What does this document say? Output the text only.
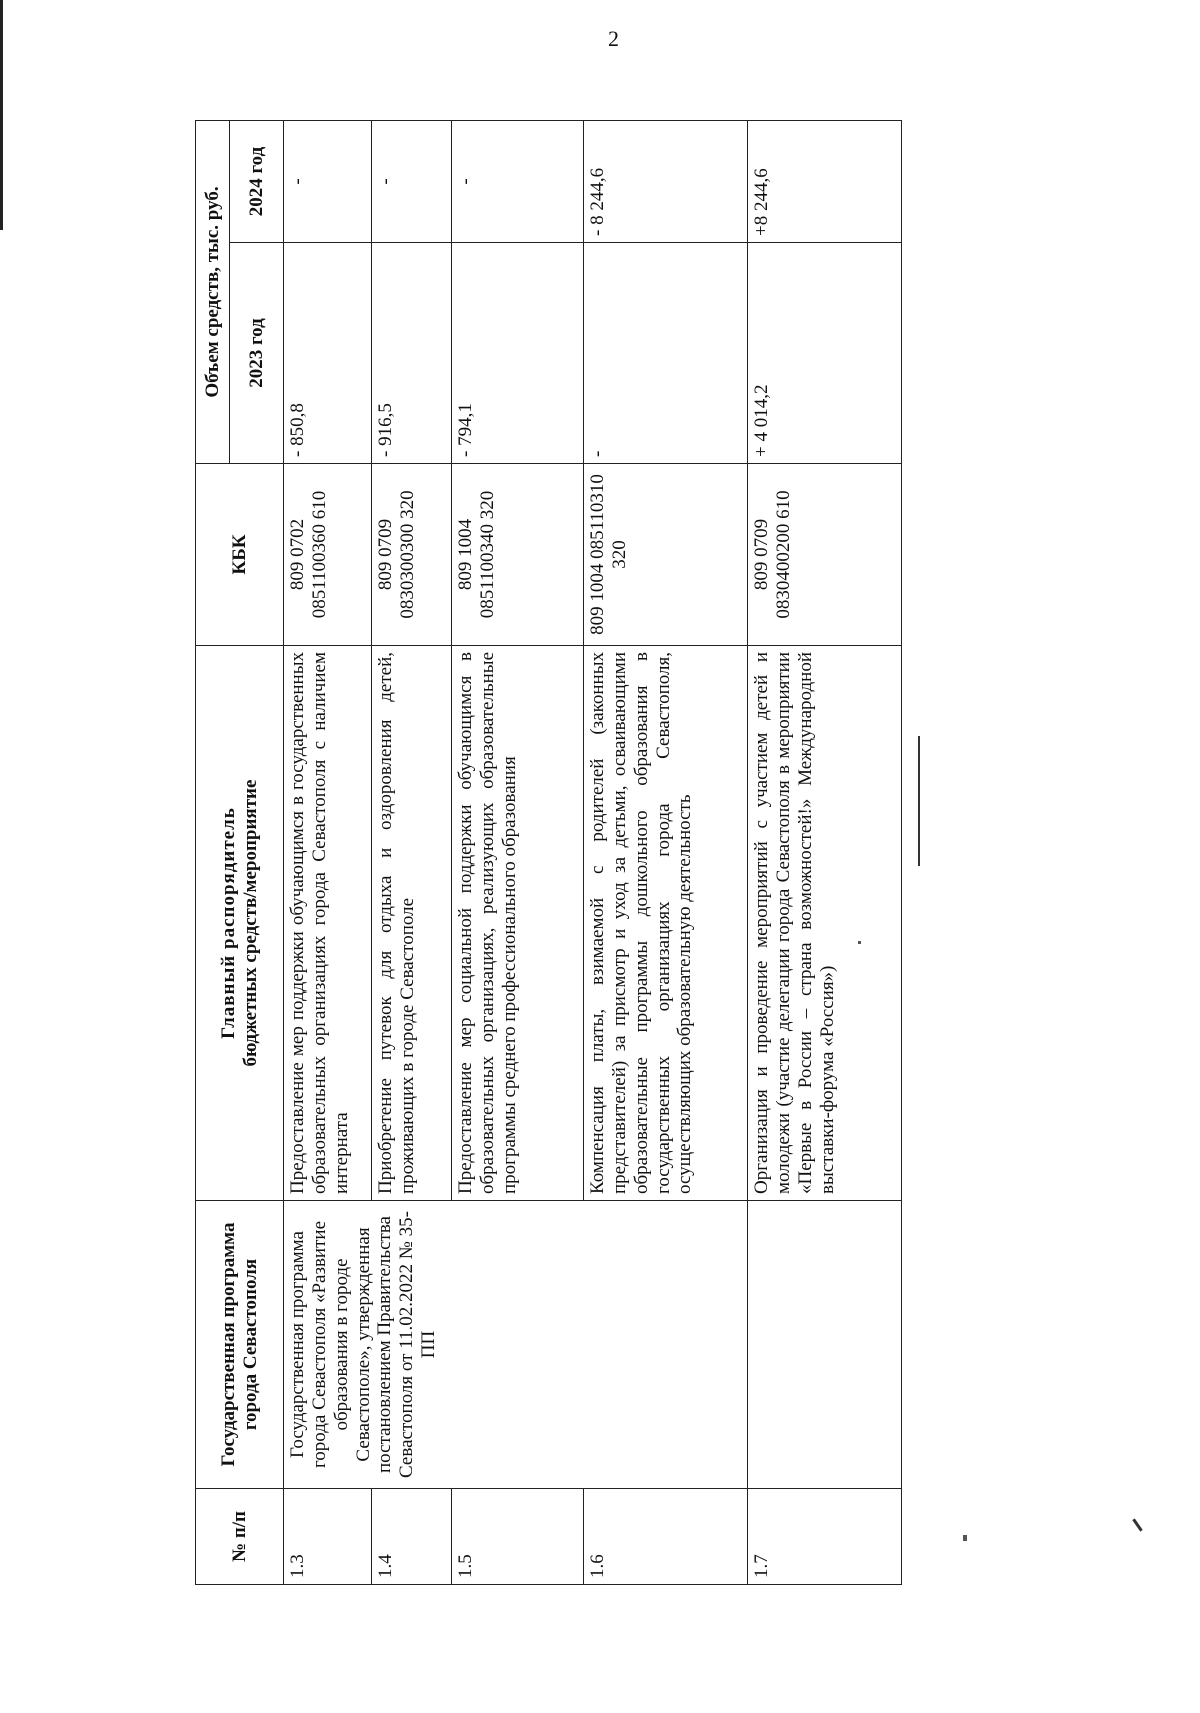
2
№ п/п	Государственная программа города Севастополя	Главный распорядитель бюджетных средств/мероприятие	КБК	Объем средств, тыс. руб.	
				2023 год	2024 год
1.3	Государственная программа города Севастополя «Развитие образования в городе Севастополе», утвержденная постановлением Правительства Севастополя от 11.02.2022 № 35-ПП	Предоставление мер поддержки обучающимся в государственных образовательных организациях города Севастополя с наличием интерната	809 0702 0851100360 610	- 850,8	-
1.4		Приобретение путевок для отдыха и оздоровления детей, проживающих в городе Севастополе	809 0709 0830300300 320	- 916,5	-
1.5		Предоставление мер социальной поддержки обучающимся в образовательных организациях, реализующих образовательные программы среднего профессионального образования	809 1004 0851100340 320	- 794,1	-
1.6		Компенсация платы, взимаемой с родителей (законных представителей) за присмотр и уход за детьми, осваивающими образовательные программы дошкольного образования в государственных организациях города Севастополя, осуществляющих образовательную деятельность	809 1004 085110310 320	-	- 8 244,6
1.7		Организация и проведение мероприятий с участием детей и молодежи (участие делегации города Севастополя в мероприятии «Первые в России – страна возможностей!» Международной выставки-форума «Россия»)	809 0709 0830400200 610	+ 4 014,2	+8 244,6
